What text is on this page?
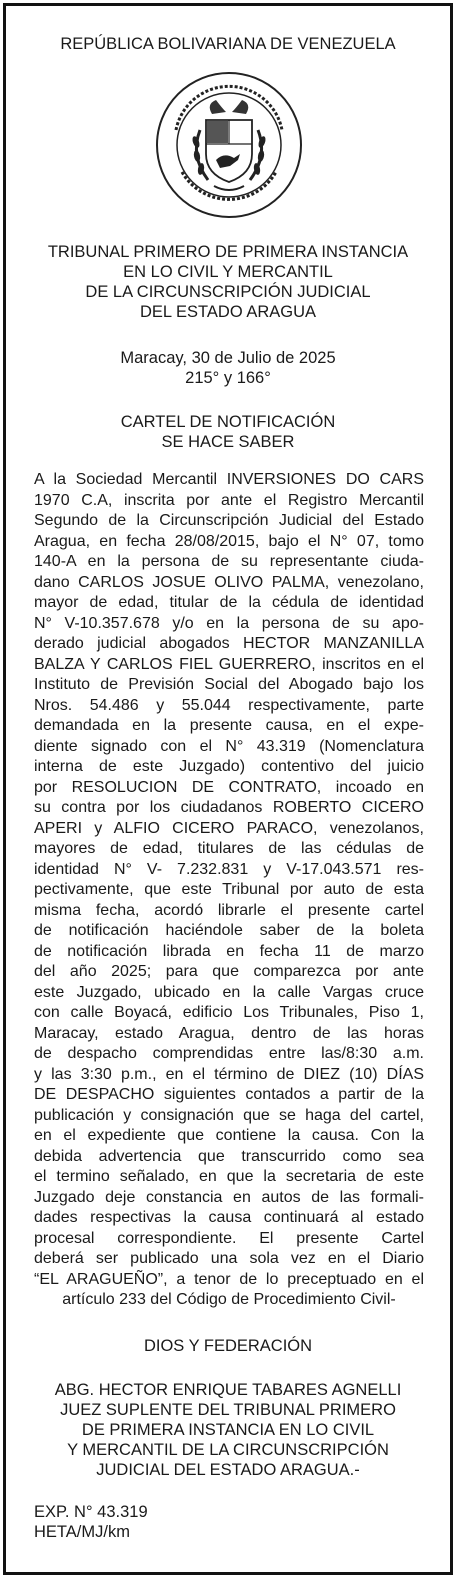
REPÚBLICA BOLIVARIANA DE VENEZUELA
TRIBUNAL PRIMERO DE PRIMERA INSTANCIA
EN LO CIVIL Y MERCANTIL
DE LA CIRCUNSCRIPCIÓN JUDICIAL
DEL ESTADO ARAGUA
Maracay, 30 de Julio de 2025
215° y 166°
CARTEL DE NOTIFICACIÓN
SE HACE SABER
A la Sociedad Mercantil INVERSIONES DO CARS
1970 C.A, inscrita por ante el Registro Mercantil
Segundo de la Circunscripción Judicial del Estado
Aragua, en fecha 28/08/2015, bajo el N° 07, tomo
140-A en la persona de su representante ciuda-
dano CARLOS JOSUE OLIVO PALMA, venezolano,
mayor de edad, titular de la cédula de identidad
N° V-10.357.678 y/o en la persona de su apo-
derado judicial abogados HECTOR MANZANILLA
BALZA Y CARLOS FIEL GUERRERO, inscritos en el
Instituto de Previsión Social del Abogado bajo los
Nros. 54.486 y 55.044 respectivamente, parte
demandada en la presente causa, en el expe-
diente signado con el N° 43.319 (Nomenclatura
interna de este Juzgado) contentivo del juicio
por RESOLUCION DE CONTRATO, incoado en
su contra por los ciudadanos ROBERTO CICERO
APERI y ALFIO CICERO PARACO, venezolanos,
mayores de edad, titulares de las cédulas de
identidad N° V- 7.232.831 y V-17.043.571 res-
pectivamente, que este Tribunal por auto de esta
misma fecha, acordó librarle el presente cartel
de notificación haciéndole saber de la boleta
de notificación librada en fecha 11 de marzo
del año 2025; para que comparezca por ante
este Juzgado, ubicado en la calle Vargas cruce
con calle Boyacá, edificio Los Tribunales, Piso 1,
Maracay, estado Aragua, dentro de las horas
de despacho comprendidas entre las/8:30 a.m.
y las 3:30 p.m., en el término de DIEZ (10) DÍAS
DE DESPACHO siguientes contados a partir de la
publicación y consignación que se haga del cartel,
en el expediente que contiene la causa. Con la
debida advertencia que transcurrido como sea
el termino señalado, en que la secretaria de este
Juzgado deje constancia en autos de las formali-
dades respectivas la causa continuará al estado
procesal correspondiente. El presente Cartel
deberá ser publicado una sola vez en el Diario
“EL ARAGUEÑO”, a tenor de lo preceptuado en el
artículo 233 del Código de Procedimiento Civil-
DIOS Y FEDERACIÓN
ABG. HECTOR ENRIQUE TABARES AGNELLI
JUEZ SUPLENTE DEL TRIBUNAL PRIMERO
DE PRIMERA INSTANCIA EN LO CIVIL
Y MERCANTIL DE LA CIRCUNSCRIPCIÓN
JUDICIAL DEL ESTADO ARAGUA.-
EXP. N° 43.319
HETA/MJ/km
